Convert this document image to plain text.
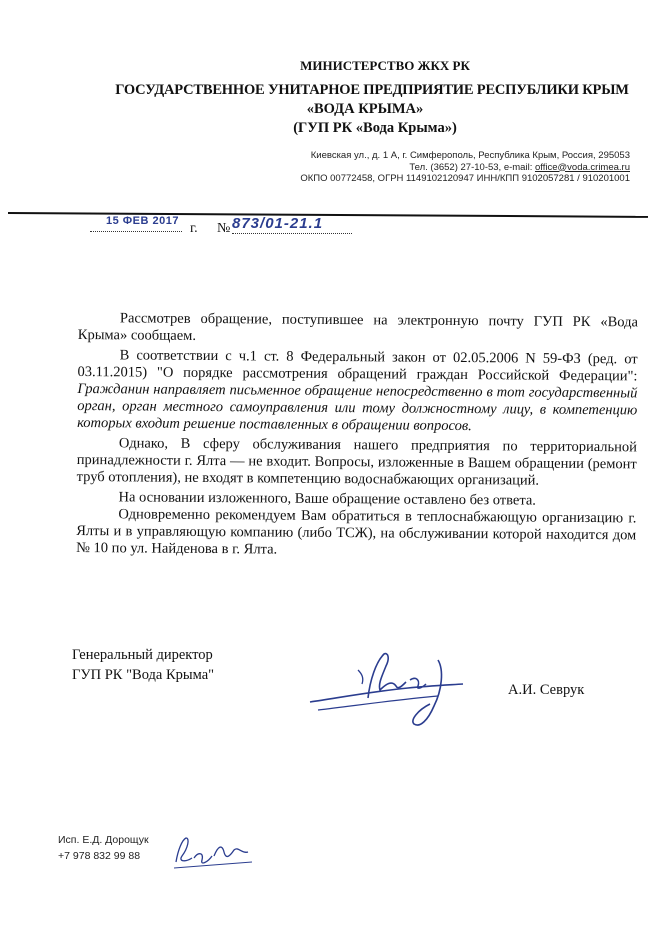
МИНИСТЕРСТВО ЖКХ РК
ГОСУДАРСТВЕННОЕ УНИТАРНОЕ ПРЕДПРИЯТИЕ РЕСПУБЛИКИ КРЫМ
«ВОДА КРЫМА»
(ГУП РК «Вода Крыма»)
Киевская ул., д. 1 А, г. Симферополь, Республика Крым, Россия, 295053
Тел. (3652) 27-10-53, e-mail: office@voda.crimea.ru
ОКПО 00772458, ОГРН 1149102120947 ИНН/КПП 9102057281 / 910201001
15 ФЕВ 2017 г. № 873/01-21.1

Рассмотрев обращение, поступившее на электронную почту ГУП РК «Вода Крыма» сообщаем.

В соответствии с ч.1 ст. 8 Федеральный закон от 02.05.2006 N 59-ФЗ (ред. от 03.11.2015) "О порядке рассмотрения обращений граждан Российской Федерации": Гражданин направляет письменное обращение непосредственно в тот государственный орган, орган местного самоуправления или тому должностному лицу, в компетенцию которых входит решение поставленных в обращении вопросов.

Однако, В сферу обслуживания нашего предприятия по территориальной принадлежности г. Ялта — не входит. Вопросы, изложенные в Вашем обращении (ремонт труб отопления), не входят в компетенцию водоснабжающих организаций.

На основании изложенного, Ваше обращение оставлено без ответа.

Одновременно рекомендуем Вам обратиться в теплоснабжающую организацию г. Ялты и в управляющую компанию (либо ТСЖ), на обслуживании которой находится дом № 10 по ул. Найденова в г. Ялта.

Генеральный директор
ГУП РК "Вода Крыма"
А.И. Севрук
Исп. Е.Д. Дорощук
+7 978 832 99 88
